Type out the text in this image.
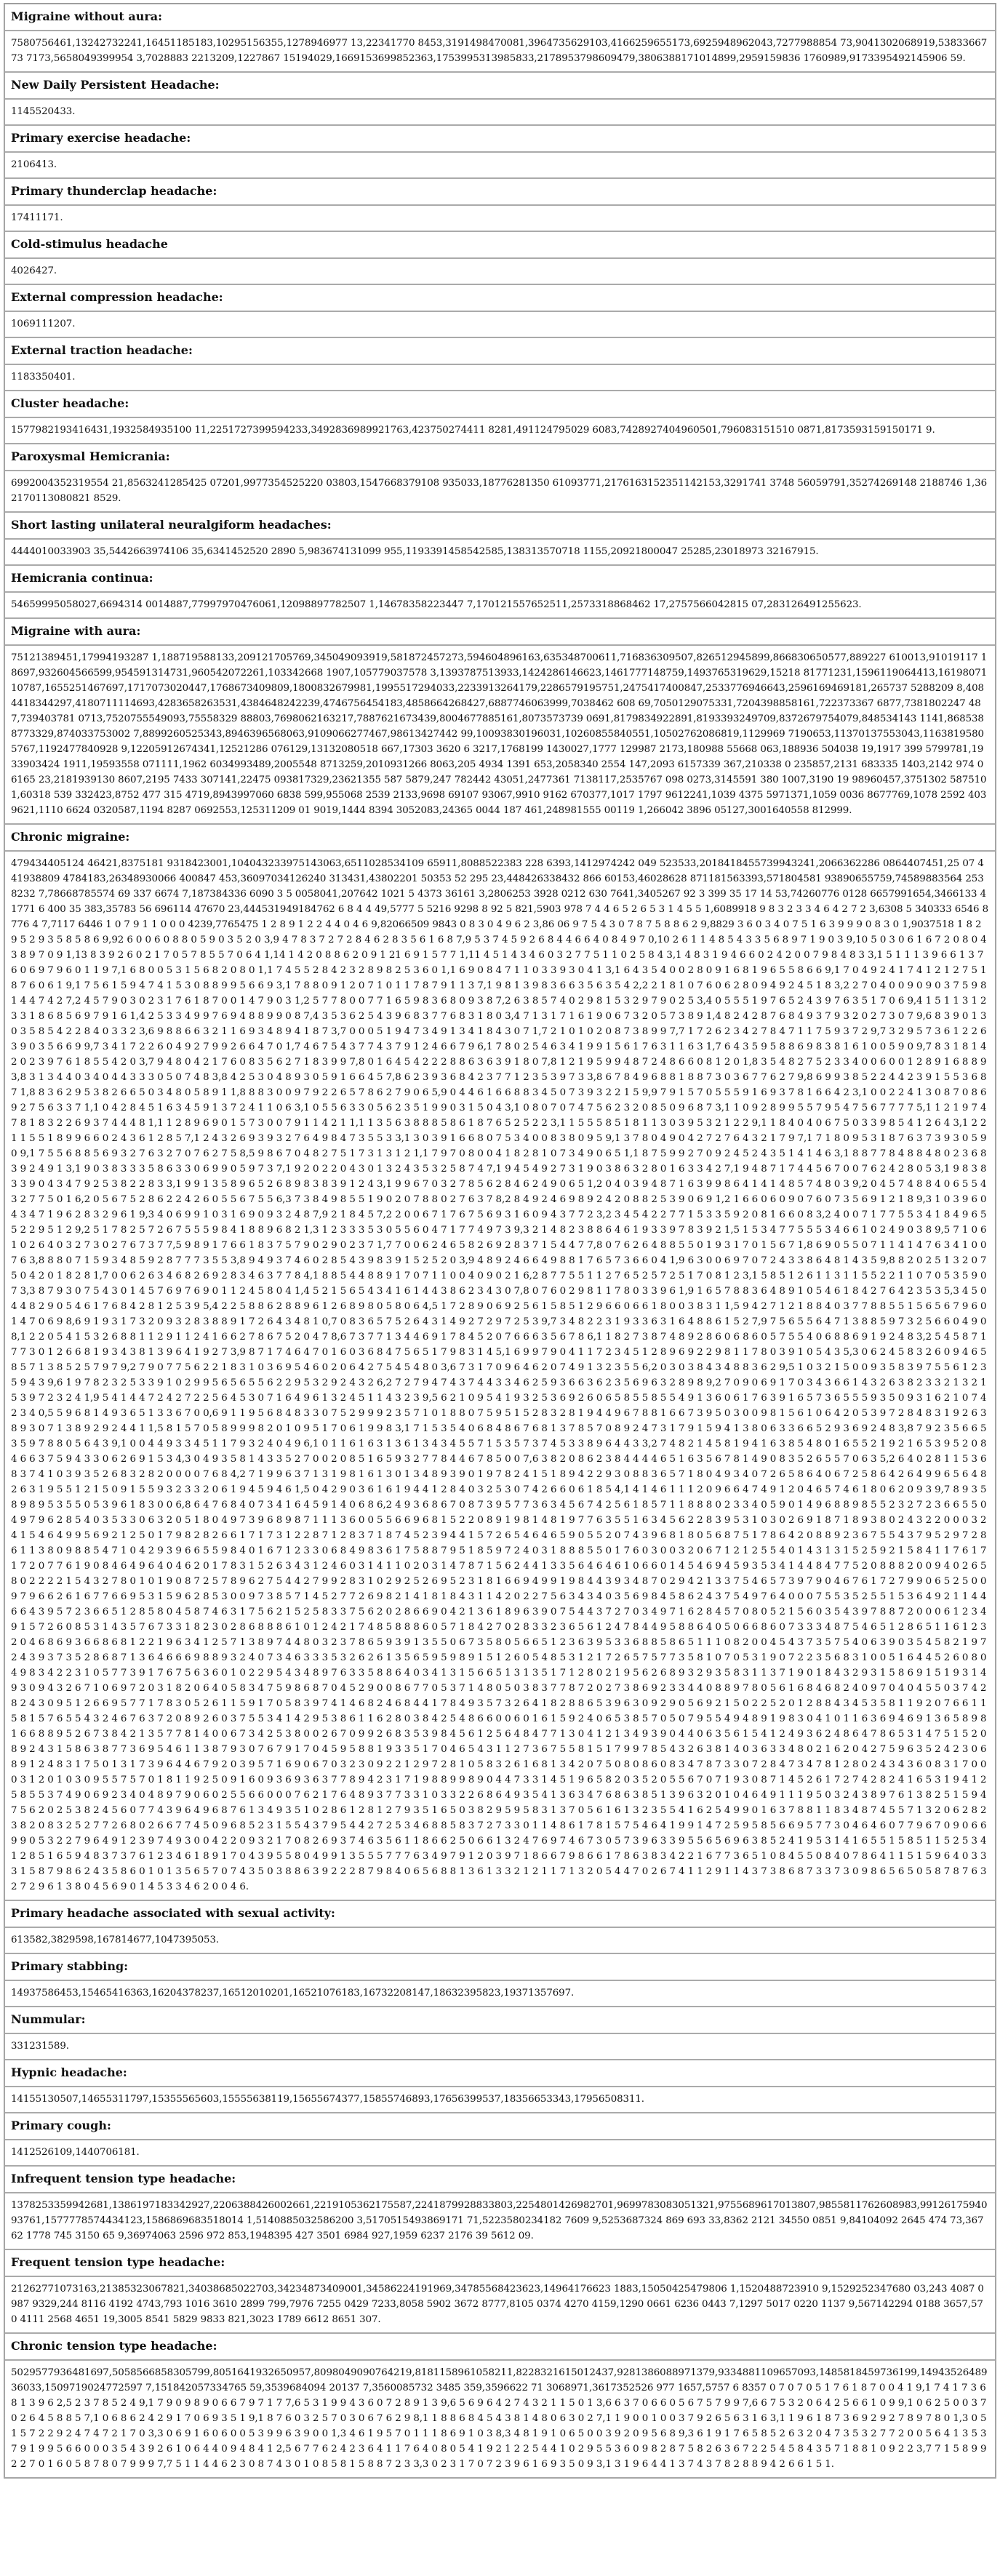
Migraine without aura:
7580756461,13242732241,16451185183,10295156355,1278946977 13,22341770 8453,3191498470081,3964735629103,4166259655173,6925948962043,7277988854 73,9041302068919,5383366773 7173,5658049399954 3,7028883 2213209,1227867 15194029,1669153699852363,1753995313985833,2178953798609479,3806388171014899,2959159836 1760989,9173395492145906 59.
New Daily Persistent Headache:
1145520433.
Primary exercise headache:
2106413.
Primary thunderclap headache:
17411171.
Cold-stimulus headache
4026427.
External compression headache:
1069111207.
External traction headache:
1183350401.
Cluster headache:
1577982193416431,1932584935100 11,2251727399594233,3492836989921763,423750274411 8281,491124795029 6083,7428927404960501,796083151510 0871,8173593159150171 9.
Paroxysmal Hemicrania:
6992004352319554 21,8563241285425 07201,9977354525220 03803,1547668379108 935033,18776281350 61093771,2176163152351142153,3291741 3748 56059791,35274269148 2188746 1,362170113080821 8529.
Short lasting unilateral neuralgiform headaches:
4444010033903 35,5442663974106 35,6341452520 2890 5,983674131099 955,1193391458542585,138313570718 1155,20921800047 25285,23018973 32167915.
Hemicrania continua:
54659995058027,6694314 0014887,77997970476061,12098897782507 1,14678358223447 7,170121557652511,2573318868462 17,2757566042815 07,283126491255623.
Migraine with aura:
75121389451,17994193287 1,188719588133,209121705769,345049093919,581872457273,594604896163,635348700611,716836309507,826512945899,866830650577,889227 610013,91019117 18697,932604566599,954591314731,960542072261,103342668 1907,105779037578 3,1393787513933,1424286146623,1461777148759,1493765319629,15218 81771231,1596119064413,1619807110787,1655251467697,1717073020447,1768673409809,1800832679981,1995517294033,2233913264179,2286579195751,2475417400847,2533776946643,2596169469181,265737 5288209 8,4084418344297,4180711114693,4283658263531,4384648242239,4746756454183,4858664268427,6887746063999,7038462 608 69,7050129075331,7204398858161,722373367 6877,7381802247 487,739403781 0713,7520755549093,75558329 88803,7698062163217,7887621673439,8004677885161,8073573739 0691,8179834922891,8193393249709,8372679754079,848534143 1141,8685388773329,874033753002 7,8899260525343,8946396568063,9109066277467,98613427442 99,10093830196031,10260855840551,10502762086819,1129969 7190653,11370137553043,1163819580 5767,1192477840928 9,12205912674341,12521286 076129,13132080518 667,17303 3620 6 3217,1768199 1430027,1777 129987 2173,180988 55668 063,188936 504038 19,1917 399 5799781,1933903424 1911,19593558 071111,1962 6034993489,2005548 8713259,2010931266 8063,205 4934 1391 653,2058340 2554 147,2093 6157339 367,210338 0 235857,2131 683335 1403,2142 974 06165 23,2181939130 8607,2195 7433 307141,22475 093817329,23621355 587 5879,247 782442 43051,2477361 7138117,2535767 098 0273,3145591 380 1007,3190 19 98960457,3751302 5875101,60318 539 332423,8752 477 315 4719,8943997060 6838 599,955068 2539 2133,9698 69107 93067,9910 9162 670377,1017 1797 9612241,1039 4375 5971371,1059 0036 8677769,1078 2592 4039621,1110 6624 0320587,1194 8287 0692553,125311209 01 9019,1444 8394 3052083,24365 0044 187 461,248981555 00119 1,266042 3896 05127,3001640558 812999.
Chronic migraine:
479434405124 46421,8375181 9318423001,104043233975143063,6511028534109 65911,8088522383 228 6393,1412974242 049 523533,2018418455739943241,2066362286 0864407451,25 07 441938809 4784183,26348930066 400847 453,36097034126240 313431,43802201 50353 52 295 23,448426338432 866 60153,46028628 871181563393,571804581 93890655759,74589883564 2538232 7,78668785574 69 337 6674 7,187384336 6090 3 5 0058041,207642 1021 5 4373 36161 3,2806253 3928 0212 630 7641,3405267 92 3 399 35 17 14 53,74260776 0128 6657991654,3466133 41771 6 400 35 383,35783 56 696114 47670 23,444531949184762 6 8 4 4 49,5777 5 5216 9298 8 92 5 821,5903 978 7 4 4 6 5 2 6 5 3 1 4 5 5 1,6089918 9 8 3 2 3 3 4 6 4 2 7 2 3,6308 5 340333 6546 8776 4 7,7117 6446 1 0 7 9 1 1 0 0 0 4239,7765475 1 2 8 9 1 2 2 4 4 0 4 6 9,82066509 9843 0 8 3 0 4 9 6 2 3,86 06 9 7 5 4 3 0 7 8 7 5 8 8 6 2 9,8829 3 6 0 3 4 0 7 5 1 6 3 9 9 9 0 8 3 0 1,9037518 1 8 2 9 5 2 9 3 5 8 5 8 6 9,92 6 0 0 6 0 8 8 0 5 9 0 3 5 2 0 3,9 4 7 8 3 7 2 7 2 8 4 6 2 8 3 5 6 1 6 8 7,9 5 3 7 4 5 9 2 6 8 4 4 6 6 4 0 8 4 9 7 0,10 2 6 1 1 4 8 5 4 3 3 5 6 8 9 7 1 9 0 3 9,10 5 0 3 0 6 1 6 7 2 0 8 0 4 3 8 9 7 0 9 1,13 8 3 9 2 6 0 2 1 7 0 5 7 8 5 5 7 0 6 4 1,14 1 4 2 0 8 8 6 2 0 9 1 21 6 9 1 5 7 7 1,11 4 5 1 4 3 4 6 0 3 2 7 7 5 1 1 0 2 5 8 4 3,1 4 8 3 1 9 4 6 6 0 2 4 2 0 0 7 9 8 4 8 3 3,1 5 1 1 1 3 9 6 6 1 3 7 6 0 6 9 7 9 6 0 1 1 9 7,1 6 8 0 0 5 3 1 5 6 8 2 0 8 0 1,1 7 4 5 5 2 8 4 2 3 2 8 9 8 2 5 3 6 0 1,1 6 9 0 8 4 7 1 1 0 3 3 9 3 0 4 1 3,1 6 4 3 5 4 0 0 2 8 0 9 1 6 8 1 9 6 5 5 8 6 6 9,1 7 0 4 9 2 4 1 7 4 1 2 1 2 7 5 1 8 7 6 0 6 1 9,1 7 5 6 1 5 9 4 7 4 1 5 3 0 8 8 9 9 5 6 6 9 3,1 7 8 8 0 9 1 2 0 7 1 0 1 1 7 8 7 9 1 1 3 7,1 9 8 1 3 9 8 3 6 6 3 5 6 3 5 4 2,2 2 1 8 1 0 7 6 0 6 2 8 0 9 4 9 2 4 5 1 8 3,2 2 7 0 4 0 0 9 0 9 0 3 7 5 9 8 1 4 4 7 4 2 7,2 4 5 7 9 0 3 0 2 3 1 7 6 1 8 7 0 0 1 4 7 9 0 3 1,2 5 7 7 8 0 0 7 7 1 6 5 9 8 3 6 8 0 9 3 8 7,2 6 3 8 5 7 4 0 2 9 8 1 5 3 2 9 7 9 0 2 5 3,4 0 5 5 5 1 9 7 6 5 2 4 3 9 7 6 3 5 1 7 0 6 9,4 1 5 1 1 3 1 2 3 3 1 8 6 8 5 6 9 7 9 1 6 1,4 2 5 3 3 4 9 9 7 6 9 4 8 8 9 9 0 8 7,4 3 5 3 6 2 5 4 3 9 6 8 3 7 7 6 8 3 1 8 0 3,4 7 1 3 1 7 1 6 1 9 0 6 7 3 2 0 5 7 3 8 9 1,4 8 2 4 2 8 7 6 8 4 9 3 7 9 3 2 0 2 7 3 0 7 9,6 8 3 9 0 1 3 0 3 5 8 5 4 2 2 8 4 0 3 3 2 3,6 9 8 8 6 6 3 2 1 1 6 9 3 4 8 9 4 1 8 7 3,7 0 0 0 5 1 9 4 7 3 4 9 1 3 4 1 8 4 3 0 7 1,7 2 1 0 1 0 2 0 8 7 3 8 9 9 7,7 1 7 2 6 2 3 4 2 7 8 4 7 1 1 7 5 9 3 7 2 9,7 3 2 9 5 7 3 6 1 2 2 6 3 9 0 3 5 6 6 9 9,7 3 4 1 7 2 2 6 0 4 9 2 7 9 9 2 6 6 4 7 0 1,7 4 6 7 5 4 3 7 7 4 3 7 9 1 2 4 6 6 7 9 6,1 7 8 0 2 5 4 6 3 4 1 9 9 1 5 6 1 7 6 3 1 1 6 3 1,7 6 4 3 5 9 5 8 8 6 9 8 3 8 1 6 1 0 0 5 9 0 9,7 8 3 1 8 1 4 2 0 2 3 9 7 6 1 8 5 5 4 2 0 3,7 9 4 8 0 4 2 1 7 6 0 8 3 5 6 2 7 1 8 3 9 9 7,8 0 1 6 4 5 4 2 2 2 8 8 6 3 6 3 9 1 8 0 7,8 1 2 1 9 5 9 9 4 8 7 2 4 8 6 6 0 8 1 2 0 1,8 3 5 4 8 2 7 5 2 3 3 4 0 0 6 0 0 1 2 8 9 1 6 8 8 9 3,8 3 1 3 4 4 0 3 4 0 4 4 3 3 3 0 5 0 7 4 8 3,8 4 2 5 3 0 4 8 9 3 0 5 9 1 6 6 4 5 7,8 6 2 3 9 3 6 8 4 2 3 7 7 1 2 3 5 3 9 7 3 3,8 6 7 8 4 9 6 8 8 1 8 8 7 3 0 3 6 7 7 6 2 7 9,8 6 9 9 3 8 5 2 2 4 4 2 3 9 1 5 5 3 6 8 7 1,8 8 3 6 2 9 5 3 8 2 6 6 5 0 3 4 8 0 5 8 9 1 1,8 8 8 3 0 0 9 7 9 2 2 6 5 7 8 6 2 7 9 0 6 5,9 0 4 4 6 1 6 6 8 8 3 4 5 0 7 3 9 3 2 2 1 5 9,9 7 9 1 5 7 0 5 5 5 9 1 6 9 3 7 8 1 6 6 4 2 3,1 0 0 2 2 4 1 3 0 8 7 0 8 6 9 2 7 5 6 3 3 7 1,1 0 4 2 8 4 5 1 6 3 4 5 9 1 3 7 2 4 1 1 0 6 3,1 0 5 5 6 3 3 0 5 6 2 3 5 1 9 9 0 3 1 5 0 4 3,1 0 8 0 7 0 7 4 7 5 6 2 3 2 0 8 5 0 9 6 8 7 3,1 1 0 9 2 8 9 9 5 5 7 9 5 4 7 5 6 7 7 7 7 5,1 1 2 1 9 7 4 7 8 1 8 3 2 2 6 9 3 7 4 4 4 8 1,1 1 2 8 9 6 9 0 1 5 7 3 0 0 7 9 1 1 4 2 1 1,1 1 3 5 6 3 8 8 8 5 8 6 1 8 7 6 5 2 5 2 2 3,1 1 5 5 5 8 5 1 8 1 1 3 0 3 9 5 3 2 1 2 2 9,1 1 8 4 0 4 0 6 7 5 0 3 3 9 8 5 4 1 2 6 4 3,1 2 2 1 1 5 5 1 8 9 9 6 6 0 2 4 3 6 1 2 8 5 7,1 2 4 3 2 6 9 3 9 3 2 7 6 4 9 8 4 7 3 5 5 3 3,1 3 0 3 9 1 6 6 8 0 7 5 3 4 0 0 8 3 8 0 9 5 9,1 3 7 8 0 4 9 0 4 2 7 2 7 6 4 3 2 1 7 9 7,1 7 1 8 0 9 5 3 1 8 7 6 3 7 3 9 3 0 5 9 0 9,1 7 5 5 6 8 8 5 6 9 3 2 7 6 3 2 7 0 7 6 2 7 5 8,5 9 8 6 7 0 4 8 2 7 5 1 7 3 1 3 1 2 1,1 7 9 7 0 8 0 0 4 1 8 2 8 1 0 7 3 4 9 0 6 5 1,1 8 7 5 9 9 2 7 0 9 2 4 5 2 4 3 5 1 4 1 4 6 3,1 8 8 7 7 8 4 8 8 4 8 0 2 3 6 8 3 9 2 4 9 1 3,1 9 0 3 8 3 3 3 5 8 6 3 3 0 6 9 9 0 5 9 7 3 7,1 9 2 0 2 2 0 4 3 0 1 3 2 4 3 5 3 2 5 8 7 4 7,1 9 4 5 4 9 2 7 3 1 9 0 3 8 6 3 2 8 0 1 6 3 3 4 2 7,1 9 4 8 7 1 7 4 4 5 6 7 0 0 7 6 2 4 2 8 0 5 3,1 9 8 3 8 3 3 9 0 4 3 4 7 9 2 5 3 8 2 2 8 3 3,1 9 9 1 3 5 8 9 6 5 2 6 8 9 8 3 8 3 9 1 2 4 3,1 9 9 6 7 0 3 2 7 8 5 6 2 8 4 6 2 4 9 0 6 5 1,2 0 4 0 3 9 4 8 7 1 6 3 9 9 8 6 4 1 4 1 4 8 5 7 4 8 0 3 9,2 0 4 5 7 4 8 8 4 0 6 5 5 4 3 2 7 7 5 0 1 6,2 0 5 6 7 5 2 8 6 2 2 4 2 6 0 5 5 6 7 5 5 6,3 7 3 8 4 9 8 5 5 1 9 0 2 0 7 8 8 0 2 7 6 3 7 8,2 8 4 9 2 4 6 9 8 9 2 4 2 0 8 8 2 5 3 9 0 6 9 1,2 1 6 6 0 6 0 9 0 7 6 0 7 3 5 6 9 1 2 1 8 9,3 1 0 3 9 6 0 4 3 4 7 1 9 6 2 8 3 2 9 6 1 9,3 4 0 6 9 9 1 0 3 1 6 9 0 9 3 2 4 8 7,9 2 1 8 4 5 7,2 2 0 0 6 7 1 7 6 7 5 6 9 3 1 6 0 9 4 3 7 7 2 3,2 3 4 5 4 2 2 7 7 1 5 3 3 5 9 2 0 8 1 6 6 0 8 3,2 4 0 0 7 1 7 7 5 5 3 4 1 8 4 9 6 5 5 2 2 9 5 1 2 9,2 5 1 7 8 2 5 7 2 6 7 5 5 5 9 8 4 1 8 8 9 6 8 2 1,3 1 2 3 3 3 5 3 0 5 5 6 0 4 7 1 7 7 4 9 7 3 9,3 2 1 4 8 2 3 8 8 6 4 6 1 9 3 3 9 7 8 3 9 2 1,5 1 5 3 4 7 7 5 5 5 3 4 6 6 1 0 2 4 9 0 3 8 9,5 7 1 0 6 1 0 2 6 4 0 3 2 7 3 0 2 7 6 7 3 7 7,5 9 8 9 1 7 6 6 1 8 3 7 5 7 9 0 2 9 0 2 3 7 1,7 7 0 0 6 2 4 6 5 8 2 6 9 2 8 3 7 1 5 4 4 7 7,8 0 7 6 2 6 4 8 8 5 5 0 1 9 3 1 7 0 1 5 6 7 1,8 6 9 0 5 5 0 7 1 1 4 1 4 7 6 3 4 1 0 0 7 6 3,8 8 8 0 7 1 5 9 3 4 8 5 9 2 8 7 7 7 3 5 5 3,8 9 4 9 3 7 4 6 0 2 8 5 4 3 9 8 3 9 1 5 2 5 2 0 3,9 4 8 9 2 4 6 6 4 9 8 8 1 7 6 5 7 3 6 6 0 4 1,9 6 3 0 0 6 9 7 0 7 2 4 3 3 8 6 4 8 1 4 3 5 9,8 8 2 0 2 5 1 3 2 0 7 5 0 4 2 0 1 8 2 8 1,7 0 0 6 2 6 3 4 6 8 2 6 9 2 8 3 4 6 3 7 7 8 4,1 8 8 5 4 4 8 8 9 1 7 0 7 1 1 0 0 4 0 9 0 2 1 6,2 8 7 7 5 5 1 1 2 7 6 5 2 5 7 2 5 1 7 0 8 1 2 3,1 5 8 5 1 2 6 1 1 3 1 1 5 5 2 2 1 1 0 7 0 5 3 5 9 0 7 3,3 8 7 9 3 0 7 5 4 3 0 1 4 5 7 6 9 7 6 9 0 1 1 2 4 5 8 0 4 1,4 5 2 1 5 6 5 4 3 4 1 6 1 4 4 3 8 6 2 3 4 3 0 7,8 0 7 6 0 2 9 8 1 1 7 8 0 3 3 9 6 1,9 1 6 5 7 8 8 3 6 4 8 9 1 0 5 4 6 1 8 4 2 7 6 4 2 3 5 3 5,3 4 5 0 4 4 8 2 9 0 5 4 6 1 7 6 8 4 2 8 1 2 5 3 9 5,4 2 2 5 8 8 6 2 8 8 9 6 1 2 6 8 9 8 0 5 8 0 6 4,5 1 7 2 8 9 0 6 9 2 5 6 1 5 8 5 1 2 9 6 6 0 6 6 1 8 0 0 3 8 3 1 1,5 9 4 2 7 1 2 1 8 8 4 0 3 7 7 8 8 5 5 1 5 6 5 6 7 9 6 0 1 4 7 0 6 9 8,6 9 1 9 3 1 7 3 2 0 9 3 2 8 3 8 8 9 1 7 2 6 4 3 4 8 1 0,7 0 8 3 6 5 7 5 2 6 4 3 1 4 9 2 7 2 9 7 2 5 3 9,7 3 4 8 2 2 3 1 9 3 3 6 3 1 6 4 8 8 6 1 5 2 7,9 7 5 6 5 5 6 4 7 1 3 8 8 5 9 7 3 2 5 6 6 0 4 9 0 8,1 2 2 0 5 4 1 5 3 2 6 8 8 1 1 2 9 1 1 2 4 1 6 6 2 7 8 6 7 5 2 0 4 7 8,6 7 3 7 7 1 3 4 4 6 9 1 7 8 4 5 2 0 7 6 6 6 3 5 6 7 8 6,1 1 8 2 7 3 8 7 4 8 9 2 8 6 0 6 8 6 0 5 7 5 5 4 0 6 8 8 6 9 1 9 2 4 8 3,2 5 4 5 8 7 1 7 7 3 0 1 2 6 6 8 1 9 3 4 3 8 1 3 9 6 4 1 9 2 7 3,9 8 7 1 7 4 6 4 7 0 1 6 0 3 6 8 4 7 5 6 5 1 7 9 8 3 1 4 5,1 6 9 9 7 9 0 4 1 1 7 2 3 4 5 1 2 8 9 6 9 2 2 9 8 1 1 7 8 0 3 9 1 0 5 4 3 5,3 0 6 2 4 5 8 3 2 6 0 9 4 6 5 8 5 7 1 3 8 5 2 5 7 9 7 9,2 7 9 0 7 7 5 6 2 2 1 8 3 1 0 3 6 9 5 4 6 0 2 0 6 4 2 7 5 4 5 4 8 0 3,6 7 3 1 7 0 9 6 4 6 2 0 7 4 9 1 3 2 3 5 5 6,2 0 3 0 3 8 4 3 4 8 8 3 6 2 9,5 1 0 3 2 1 5 0 0 9 3 5 8 3 9 7 5 5 6 1 2 3 5 9 4 3 9,6 1 9 7 8 2 3 2 5 3 3 9 1 0 2 9 9 5 6 5 6 5 5 6 2 2 9 5 3 2 9 2 4 3 2 6,2 7 2 7 9 4 7 4 3 7 4 4 3 3 4 6 2 5 9 3 6 6 3 6 2 3 5 6 9 6 3 2 8 9 8 9,2 7 0 9 0 6 9 1 7 0 3 4 3 6 6 1 4 3 2 6 3 8 2 3 3 2 1 3 2 1 5 3 9 7 2 3 2 4 1,9 5 4 1 4 4 7 2 4 2 7 2 2 5 6 4 5 3 0 7 1 6 4 9 6 1 3 2 4 5 1 1 4 3 2 3 9,5 6 2 1 0 9 5 4 1 9 3 2 5 3 6 9 2 6 0 6 5 8 5 5 8 5 5 4 9 1 3 6 0 6 1 7 6 3 9 1 6 5 7 3 6 5 5 5 9 3 5 0 9 3 1 6 2 1 0 7 4 2 3 4 0,5 5 9 6 8 1 4 9 3 6 5 1 3 3 6 7 0 0,6 9 1 1 9 5 6 8 4 8 3 3 0 7 5 2 9 9 9 2 3 5 7 1 0 1 8 8 0 7 5 9 5 1 5 2 8 3 2 8 1 9 4 4 9 6 7 8 8 1 6 6 7 3 9 5 0 3 0 0 9 8 1 5 6 1 0 6 4 2 0 5 3 9 7 2 8 4 8 3 1 9 2 6 3 8 9 3 0 7 1 3 8 9 2 9 2 4 4 1 1,5 8 1 5 7 0 5 8 9 9 9 8 2 0 1 0 9 5 1 7 0 6 1 9 9 8 3,1 7 1 5 3 5 4 0 6 8 4 8 6 7 6 8 1 3 7 8 5 7 0 8 9 2 4 7 3 1 7 9 1 5 9 4 1 3 8 0 6 3 3 6 6 5 2 9 3 6 9 2 4 8 3,8 7 9 2 3 5 6 6 5 3 5 9 7 8 8 0 5 6 4 3 9,1 0 0 4 4 9 3 3 4 5 1 1 7 9 3 2 4 0 4 9 6,1 0 1 1 6 1 6 3 1 3 6 1 3 4 3 4 5 5 7 1 5 3 5 7 3 7 4 5 3 3 8 9 6 4 4 3 3,2 7 4 8 2 1 4 5 8 1 9 4 1 6 3 8 5 4 8 0 1 6 5 5 2 1 9 2 1 6 5 3 9 5 2 0 8 4 6 6 3 7 5 9 4 3 3 0 6 2 6 9 1 5 3 4,3 0 4 9 3 5 8 1 4 3 3 5 2 7 0 0 2 0 8 5 1 6 5 9 3 2 7 7 8 4 4 6 7 8 5 0 0 7,6 3 8 2 0 8 6 2 3 8 4 4 4 4 6 5 1 6 3 5 6 7 8 1 4 9 0 8 3 5 2 6 5 5 7 0 6 3 5,2 6 4 0 2 8 1 1 5 3 6 8 3 7 4 1 0 3 9 3 5 2 6 8 3 2 8 2 0 0 0 0 7 6 8 4,2 7 1 9 9 6 3 7 1 3 1 9 8 1 6 1 3 0 1 3 4 8 9 3 9 0 1 9 7 8 2 4 1 5 1 8 9 4 2 2 9 3 0 8 8 3 6 5 7 1 8 0 4 9 3 4 0 7 2 6 5 8 6 4 0 6 7 2 5 8 6 4 2 6 4 9 9 6 5 6 4 8 2 6 3 1 9 5 5 1 2 1 5 0 9 1 5 5 9 3 2 3 3 2 0 6 1 9 4 5 9 4 6 1,5 0 4 2 9 0 3 6 1 6 1 9 4 4 1 2 8 4 0 3 2 5 3 0 7 4 2 6 6 0 6 1 8 5 4,1 4 1 4 6 1 1 1 2 0 9 6 6 4 7 4 9 1 2 0 4 6 5 7 4 6 1 8 0 6 2 0 9 3 9,7 8 9 3 5 8 9 8 9 5 3 5 5 0 5 3 9 6 1 8 3 0 0 6,8 6 4 7 6 8 4 0 7 3 4 1 6 4 5 9 1 4 0 6 8 6,2 4 9 3 6 8 6 7 0 8 7 3 9 5 7 7 3 6 3 4 5 6 7 4 2 5 6 1 8 5 7 1 1 8 8 8 0 2 3 3 4 0 5 9 0 1 4 9 6 8 8 9 8 5 5 2 3 2 7 2 3 6 6 5 5 0 4 9 7 9 6 2 8 5 4 0 3 5 3 3 0 6 3 2 0 5 1 8 0 4 9 7 3 9 6 8 9 8 7 1 1 1 3 6 0 0 5 5 6 6 9 6 8 1 5 2 2 0 8 9 1 9 8 1 4 8 1 9 7 7 6 3 5 5 1 6 3 4 5 6 2 2 8 3 9 5 3 1 0 3 0 2 6 9 1 8 7 1 8 9 3 8 0 2 4 3 2 2 0 0 0 3 2 4 1 5 4 6 4 9 9 5 6 9 2 1 2 5 0 1 7 9 8 2 8 2 6 6 1 7 1 7 3 1 2 2 8 7 1 2 8 3 7 1 8 7 4 5 2 3 9 4 4 1 5 7 2 6 5 4 6 4 6 5 9 0 5 5 2 0 7 4 3 9 6 8 1 8 0 5 6 8 7 5 1 7 8 6 4 2 0 8 8 9 2 3 6 7 5 5 4 3 7 9 5 2 9 7 2 8 6 1 1 3 8 0 9 8 8 5 4 7 1 0 4 2 9 3 9 6 6 5 5 9 8 4 0 1 6 7 1 2 3 3 0 6 8 4 9 8 3 6 1 7 5 8 8 7 9 5 1 8 5 9 7 2 4 0 3 1 8 8 8 5 5 0 1 7 6 0 3 0 0 3 2 0 6 7 1 2 1 2 5 5 4 0 1 4 3 1 3 1 5 2 5 9 2 1 5 8 4 1 1 7 6 1 7 1 7 2 0 7 7 6 1 9 0 8 4 6 4 9 6 4 0 4 6 2 0 1 7 8 3 1 5 2 6 3 4 3 1 2 4 6 0 3 1 4 1 1 0 2 0 3 1 4 7 8 7 1 5 6 2 4 4 1 3 3 5 6 4 6 4 6 1 0 6 6 0 1 4 5 4 6 9 4 5 9 3 5 3 4 1 4 4 8 4 7 7 5 2 0 8 8 8 2 0 0 9 4 0 2 6 5 8 0 2 2 2 2 1 5 4 3 2 7 8 0 1 0 1 9 0 8 7 2 5 7 8 9 6 2 7 5 4 4 2 7 9 9 2 8 3 1 0 2 9 2 5 2 6 9 5 2 3 1 8 1 6 6 9 4 9 9 1 9 8 4 4 3 9 3 4 8 7 0 2 9 4 2 1 3 3 7 5 4 6 5 7 3 9 7 9 0 4 6 7 6 1 7 2 7 9 9 0 6 5 2 5 0 0 9 7 9 6 6 2 6 1 6 7 7 6 6 9 5 3 1 5 9 6 2 8 5 3 0 0 9 7 3 8 5 7 1 4 5 2 7 7 2 6 9 8 2 1 4 1 8 1 8 4 3 1 1 4 2 0 2 2 7 5 6 3 4 3 4 0 3 5 6 9 8 4 5 8 6 2 4 3 7 5 4 9 7 6 4 0 0 0 7 5 5 3 5 2 5 5 1 5 3 6 4 9 2 1 1 4 4 6 6 4 3 9 5 7 2 3 6 6 5 1 2 8 5 8 0 4 5 8 7 4 6 3 1 7 5 6 2 1 5 2 5 8 3 3 7 5 6 2 0 2 8 6 6 9 0 4 2 1 3 6 1 8 9 6 3 9 0 7 5 4 4 3 7 2 7 0 3 4 9 7 1 6 2 8 4 5 7 0 8 0 5 2 1 5 6 0 3 5 4 3 9 7 8 8 7 2 0 0 0 6 1 2 3 4 9 1 5 7 2 6 0 8 5 3 1 4 3 5 7 6 7 3 3 1 8 2 3 0 2 8 6 8 8 8 6 1 0 1 2 4 2 1 7 4 8 5 8 8 8 6 0 5 7 1 8 4 2 7 0 2 8 3 3 2 3 6 5 6 1 2 4 7 8 4 4 9 5 8 8 6 4 0 5 0 6 6 8 6 0 7 3 3 3 4 8 7 5 4 6 5 1 2 8 6 5 1 1 6 1 2 3 2 0 4 6 8 6 9 3 6 6 8 6 8 1 2 2 1 9 6 3 4 1 2 5 7 1 3 8 9 7 4 4 8 0 3 2 3 7 8 6 5 9 3 9 1 3 5 5 0 6 7 3 5 8 0 5 6 6 5 1 2 3 6 3 9 5 3 3 6 8 8 5 8 6 5 1 1 1 0 8 2 0 0 4 5 4 3 7 3 5 7 5 4 0 6 3 9 0 3 5 4 5 8 2 1 9 7 2 4 3 9 3 7 3 5 2 8 6 8 7 1 3 6 4 6 6 6 9 8 8 9 3 2 4 0 7 3 4 6 3 3 3 5 3 2 6 2 6 1 3 5 6 5 9 5 9 8 9 1 5 1 2 6 0 5 4 8 5 3 1 2 1 7 2 6 5 7 5 7 7 3 5 8 1 0 7 0 5 3 1 9 0 7 2 2 3 5 6 8 3 1 0 0 5 1 6 4 4 5 2 6 0 8 0 4 9 8 3 4 2 2 3 1 0 5 7 7 3 9 1 7 6 7 5 6 3 6 0 1 0 2 2 9 5 4 3 4 8 9 7 6 3 3 5 8 8 6 4 0 3 4 1 3 1 5 6 6 5 1 3 1 3 5 1 7 1 2 8 0 2 1 9 5 6 2 6 8 9 3 2 9 3 5 8 3 1 1 3 7 1 9 0 1 8 4 3 2 9 3 1 5 8 6 9 1 5 1 9 3 1 4 9 3 0 9 4 3 2 6 7 1 0 6 9 7 2 0 3 1 8 2 0 6 4 0 5 8 3 4 7 5 9 8 6 8 7 0 4 5 2 9 0 0 8 6 7 7 0 5 3 7 1 4 8 0 5 0 3 8 3 7 7 8 7 2 0 2 7 3 8 6 9 2 3 3 4 4 0 8 8 9 7 8 0 5 6 1 6 8 4 6 8 2 4 0 9 7 0 4 0 4 5 5 0 3 7 4 2 8 2 4 3 0 9 5 1 2 6 6 9 5 7 7 1 7 8 3 0 5 2 6 1 1 5 9 1 7 0 5 8 3 9 7 4 1 4 6 8 2 4 6 8 4 4 1 7 8 4 9 3 5 7 3 2 6 4 1 8 2 8 8 6 5 3 9 6 3 0 9 2 9 0 5 6 9 2 1 5 0 2 2 5 2 0 1 2 8 8 4 3 4 5 3 5 8 1 1 9 2 0 7 6 6 1 1 5 8 1 5 7 6 5 5 4 3 2 4 6 7 6 3 7 2 0 8 9 2 6 0 3 7 5 5 3 4 1 4 2 9 5 3 8 6 1 1 6 2 8 0 3 8 4 2 5 4 8 6 6 0 0 6 0 1 6 1 5 9 2 4 0 6 5 3 8 5 7 0 5 0 7 9 5 5 4 9 4 8 9 1 9 8 3 0 4 1 0 1 1 6 3 6 9 4 6 9 1 3 6 5 8 9 8 1 6 6 8 8 9 5 2 6 7 3 8 4 2 1 3 5 7 7 8 1 4 0 0 6 7 3 4 2 5 3 8 0 0 2 6 7 0 9 9 2 6 8 3 5 3 9 8 4 5 6 1 2 5 6 4 8 4 7 7 1 3 0 4 1 2 1 3 4 9 3 9 0 4 4 0 6 3 5 6 1 5 4 1 2 4 9 3 6 2 4 8 6 4 7 8 6 5 3 1 4 7 5 1 5 2 0 8 9 2 4 3 1 5 8 6 3 8 7 7 3 6 9 5 4 6 1 1 3 8 7 9 3 0 7 6 7 9 1 7 0 4 5 9 5 8 8 1 9 3 3 5 1 7 0 4 6 5 4 3 1 1 2 7 3 6 7 5 5 8 1 5 1 7 9 9 7 8 5 4 3 2 6 3 8 1 4 0 3 6 3 3 4 8 0 2 1 6 2 0 4 2 7 5 9 6 3 5 2 4 2 3 0 6 8 9 1 2 4 8 3 1 7 5 0 1 3 1 7 3 9 6 4 4 6 7 9 2 0 3 9 5 7 1 6 9 0 6 7 0 3 2 3 0 9 2 2 1 2 9 7 2 8 1 0 5 8 3 2 6 1 6 8 1 3 4 2 0 7 5 0 8 0 8 6 0 8 3 4 7 8 7 3 3 0 7 2 8 4 7 3 4 7 8 1 2 8 0 2 4 3 4 3 6 0 8 3 1 7 0 0 0 3 1 2 0 1 0 3 0 9 5 5 7 5 7 0 1 8 1 1 9 2 5 0 9 1 6 0 9 3 6 9 3 6 3 7 7 8 9 4 2 3 1 7 1 9 8 8 9 9 8 9 0 4 4 7 3 3 1 4 5 1 9 6 5 8 2 0 3 5 2 0 5 5 6 7 0 7 1 9 3 0 8 7 1 4 5 2 6 1 7 2 7 4 2 8 2 4 1 6 5 3 1 9 4 1 2 5 8 5 5 3 7 4 9 0 6 9 2 3 4 0 4 8 9 7 9 0 6 0 2 5 5 6 6 0 0 0 7 6 2 1 7 6 4 8 9 3 7 7 3 3 1 0 3 3 2 2 6 8 6 4 9 3 5 4 1 3 6 3 4 7 6 8 6 3 8 5 1 3 9 6 3 2 0 1 0 4 6 4 9 1 1 1 9 5 0 3 2 4 3 8 9 7 6 1 3 8 2 5 1 5 9 4 7 5 6 2 0 2 5 3 8 2 4 5 6 0 7 7 4 3 9 6 4 9 6 8 7 6 1 3 4 9 3 5 1 0 2 8 6 1 2 8 1 2 7 9 3 5 1 6 5 0 3 8 2 9 5 9 5 8 3 1 3 7 0 5 6 1 6 1 3 2 3 5 5 4 1 6 2 5 4 9 9 0 1 6 3 7 8 8 1 1 8 3 4 8 7 4 5 5 7 1 3 2 0 6 2 8 2 3 8 2 0 8 3 2 5 2 7 7 2 6 8 0 2 6 6 7 7 4 5 0 9 6 8 5 2 3 1 5 5 4 3 7 9 5 4 4 2 7 2 5 3 4 6 8 8 5 8 3 7 2 7 3 3 0 1 1 4 8 6 1 7 8 1 5 7 5 4 6 4 1 9 9 1 4 7 2 5 9 5 8 5 6 6 9 5 7 7 3 0 4 6 4 6 0 7 7 9 6 7 0 9 0 6 6 9 9 0 5 3 2 2 7 9 6 4 9 1 2 3 9 7 4 9 3 0 0 4 2 2 0 9 3 2 1 7 0 8 2 6 9 3 7 4 6 3 5 6 1 1 8 6 6 2 5 0 6 6 1 3 2 4 7 6 9 7 4 6 7 3 0 5 7 3 9 6 3 3 9 5 5 6 5 6 9 6 3 8 5 2 4 1 9 5 3 1 4 1 6 5 5 1 5 8 5 1 1 5 2 5 3 4 1 2 8 5 1 6 5 9 4 8 3 7 3 7 6 1 2 3 4 6 1 8 9 1 7 0 4 3 9 5 5 8 0 4 9 9 1 3 5 5 5 7 7 7 6 3 4 9 7 9 1 2 0 3 9 7 1 8 6 6 7 9 8 6 6 1 7 8 6 3 8 3 4 2 2 1 6 7 7 3 6 5 1 0 8 4 5 5 0 8 4 0 7 8 6 4 1 1 5 1 5 9 6 4 0 3 3 3 1 5 8 7 9 8 6 2 4 3 5 8 6 0 1 0 1 3 5 6 5 7 0 7 4 3 5 0 3 8 8 6 3 9 2 2 2 8 7 9 8 4 0 6 5 6 8 8 1 3 6 1 3 3 2 1 2 1 1 7 1 3 2 0 5 4 4 7 0 2 6 7 4 1 1 2 9 1 1 4 3 7 3 8 6 8 7 3 3 7 3 0 9 8 6 5 6 5 0 5 8 7 8 7 6 3 2 7 2 9 6 1 3 8 0 4 5 6 9 0 1 4 5 3 3 4 6 2 0 0 4 6.
Primary headache associated with sexual activity:
613582,3829598,167814677,1047395053.
Primary stabbing:
14937586453,15465416363,16204378237,16512010201,16521076183,16732208147,18632395823,19371357697.
Nummular:
331231589.
Hypnic headache:
14155130507,14655311797,15355565603,15555638119,15655674377,15855746893,17656399537,18356653343,17956508311.
Primary cough:
1412526109,1440706181.
Infrequent tension type headache:
1378253359942681,1386197183342927,2206388426002661,2219105362175587,2241879928833803,2254801426982701,9699783083051321,9755689617013807,9855811762608983,9912617594093761,1577778574434123,1586869683518014 1,5140885032586200 3,5170515493869171 71,5223580234182 7609 9,5253687324 869 693 33,8362 2121 34550 0851 9,84104092 2645 474 73,36762 1778 745 3150 65 9,36974063 2596 972 853,1948395 427 3501 6984 927,1959 6237 2176 39 5612 09.
Frequent tension type headache:
21262771073163,21385323067821,34038685022703,34234873409001,34586224191969,34785568423623,14964176623 1883,15050425479806 1,1520488723910 9,1529252347680 03,243 4087 0987 9329,244 8116 4192 4743,793 1016 3610 2899 799,7976 7255 0429 7233,8058 5902 3672 8777,8105 0374 4270 4159,1290 0661 6236 0443 7,1297 5017 0220 1137 9,567142294 0188 3657,570 4111 2568 4651 19,3005 8541 5829 9833 821,3023 1789 6612 8651 307.
Chronic tension type headache:
5029577936481697,5058566858305799,8051641932650957,8098049090764219,8181158961058211,8228321615012437,9281386088971379,9334881109657093,1485818459736199,1494352648936033,1509719024772597 7,151842057334765 59,3539684094 20137 7,3560085732 3485 359,3596622 71 3068971,3617352526 977 1657,5757 6 8357 0 7 0 7 0 5 1 7 6 1 8 7 0 0 4 1 9,1 7 4 1 7 3 6 8 1 3 9 6 2,5 2 3 7 8 5 2 4 9,1 7 9 0 9 8 9 0 6 6 7 9 7 1 7 7,6 5 3 1 9 9 4 3 6 0 7 2 8 9 1 3 9,6 5 6 9 6 4 2 7 4 3 2 1 1 5 0 1 3,6 6 3 7 0 6 6 0 5 6 7 5 7 9 9 7,6 6 7 5 3 2 0 6 4 2 5 6 6 1 0 9 9,1 0 6 2 5 0 0 3 7 0 2 6 4 5 8 8 5 7,1 0 6 8 6 2 4 2 9 1 7 0 6 9 3 5 1 9,1 8 7 6 0 3 2 5 7 0 3 0 6 7 6 2 9 8,1 1 8 8 6 8 4 5 4 3 8 1 4 8 0 6 3 0 2 7,1 1 9 0 0 1 0 0 3 7 9 2 6 5 6 3 1 6 3,1 1 9 6 1 8 7 3 6 9 2 9 2 7 8 9 7 8 0 1,3 0 5 1 5 7 2 2 9 2 4 7 4 7 2 1 7 0 3,3 0 6 9 1 6 0 6 0 0 5 3 9 9 6 3 9 0 0 1,3 4 6 1 9 5 7 0 1 1 1 8 6 9 1 0 3 8,3 4 8 1 9 1 0 6 5 0 0 3 9 2 0 9 5 6 8 9,3 6 1 9 1 7 6 5 8 5 2 6 3 2 0 4 7 3 5 3 2 7 7 2 0 0 5 6 4 1 3 5 3 7 9 1 9 9 5 6 6 0 0 0 3 5 4 3 9 2 6 1 0 6 4 4 0 9 4 8 4 1 2,5 6 7 7 6 2 4 2 3 6 4 1 1 7 6 4 0 8 0 5 4 1 9 2 1 2 2 5 4 4 1 0 2 9 5 5 3 6 0 9 8 2 8 7 5 8 2 6 3 6 7 2 2 5 4 5 8 4 3 5 7 1 8 8 1 0 9 2 2 3,7 7 1 5 8 9 9 2 2 7 0 1 6 0 5 8 7 8 0 7 9 9 9 7,7 5 1 1 4 4 6 2 3 0 8 7 4 3 0 1 0 8 5 8 1 5 8 8 7 2 3 3,3 0 2 3 1 7 0 7 2 3 9 6 1 6 9 3 5 0 9 3,1 3 1 9 6 4 4 1 3 7 4 3 7 8 2 8 8 9 4 2 6 6 1 5 1.
